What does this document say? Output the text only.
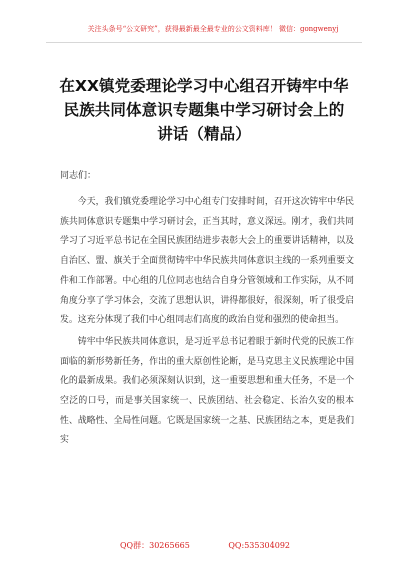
关注头条号“公文研究”，获得最新最全最专业的公文资料库！ 微信：gongwenyj
在XX镇党委理论学习中心组召开铸牢中华民族共同体意识专题集中学习研讨会上的讲话（精品）
同志们：

今天，我们镇党委理论学习中心组专门安排时间，召开这次铸牢中华民族共同体意识专题集中学习研讨会，正当其时，意义深远。刚才，我们共同学习了习近平总书记在全国民族团结进步表彰大会上的重要讲话精神，以及自治区、盟、旗关于全面贯彻铸牢中华民族共同体意识主线的一系列重要文件和工作部署。中心组的几位同志也结合自身分管领域和工作实际，从不同角度分享了学习体会，交流了思想认识，讲得都很好，很深刻，听了很受启发。这充分体现了我们中心组同志们高度的政治自觉和强烈的使命担当。

铸牢中华民族共同体意识，是习近平总书记着眼于新时代党的民族工作面临的新形势新任务，作出的重大原创性论断，是马克思主义民族理论中国化的最新成果。我们必须深刻认识到，这一重要思想和重大任务，不是一个空泛的口号，而是事关国家统一、民族团结、社会稳定、长治久安的根本性、战略性、全局性问题。它既是国家统一之基、民族团结之本，更是我们实

QQ群：30265665	QQ:535304092
